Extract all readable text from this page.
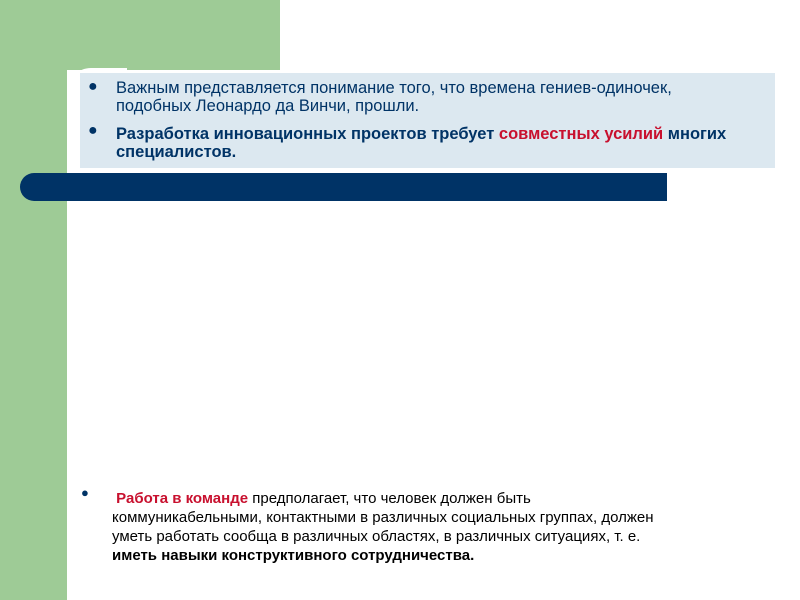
● Важным представляется понимание того, что времена гениев-одиночек, подобных Леонардо да Винчи, прошли.
● Разработка инновационных проектов требует совместных усилий многих специалистов.
● Работа в команде предполагает, что человек должен быть коммуникабельными, контактными в различных социальных группах, должен уметь работать сообща в различных областях, в различных ситуациях, т. е. иметь навыки конструктивного сотрудничества.
